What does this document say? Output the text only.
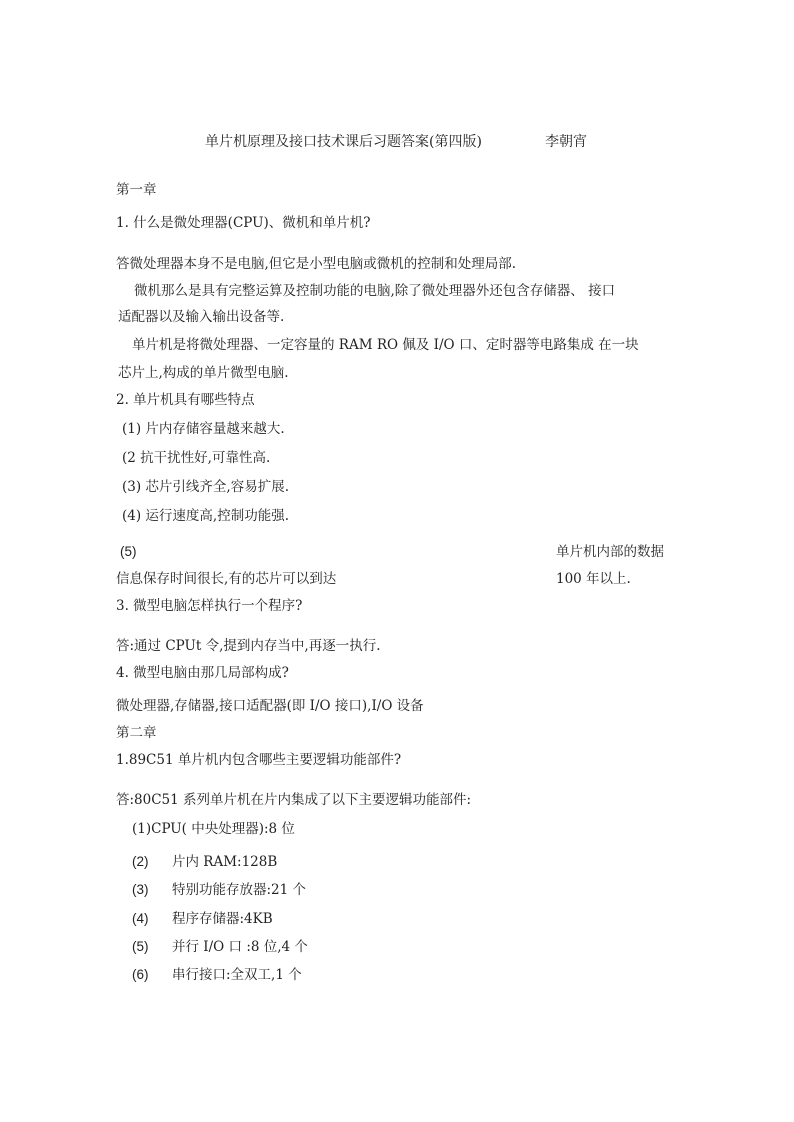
单片机原理及接口技术课后习题答案(第四版)	李朝宵
第一章
1. 什么是微处理器(CPU)、微机和单片机?
答微处理器本身不是电脑,但它是小型电脑或微机的控制和处理局部.
微机那么是具有完整运算及控制功能的电脑,除了微处理器外还包含存储器、 接口
适配器以及输入输出设备等.
单片机是将微处理器、一定容量的 RAM RO 佩及 I/O 口、定时器等电路集成 在一块
芯片上,构成的单片微型电脑.
2. 单片机具有哪些特点
(1) 片内存储容量越来越大.
(2 抗干扰性好,可靠性高.
(3) 芯片引线齐全,容易扩展.
(4) 运行速度高,控制功能强.
(5)	单片机内部的数据
信息保存时间很长,有的芯片可以到达	100 年以上.
3. 微型电脑怎样执行一个程序?
答:通过 CPUt 令,提到内存当中,再逐一执行.
4. 微型电脑由那几局部构成?
微处理器,存储器,接口适配器(即 I/O 接口),I/O 设备
第二章
1.89C51 单片机内包含哪些主要逻辑功能部件?
答:80C51 系列单片机在片内集成了以下主要逻辑功能部件:
(1)CPU( 中央处理器):8 位
(2) 片内 RAM:128B
(3) 特别功能存放器:21 个
(4) 程序存储器:4KB
(5) 并行 I/O 口 :8 位,4 个
(6) 串行接口:全双工,1 个
